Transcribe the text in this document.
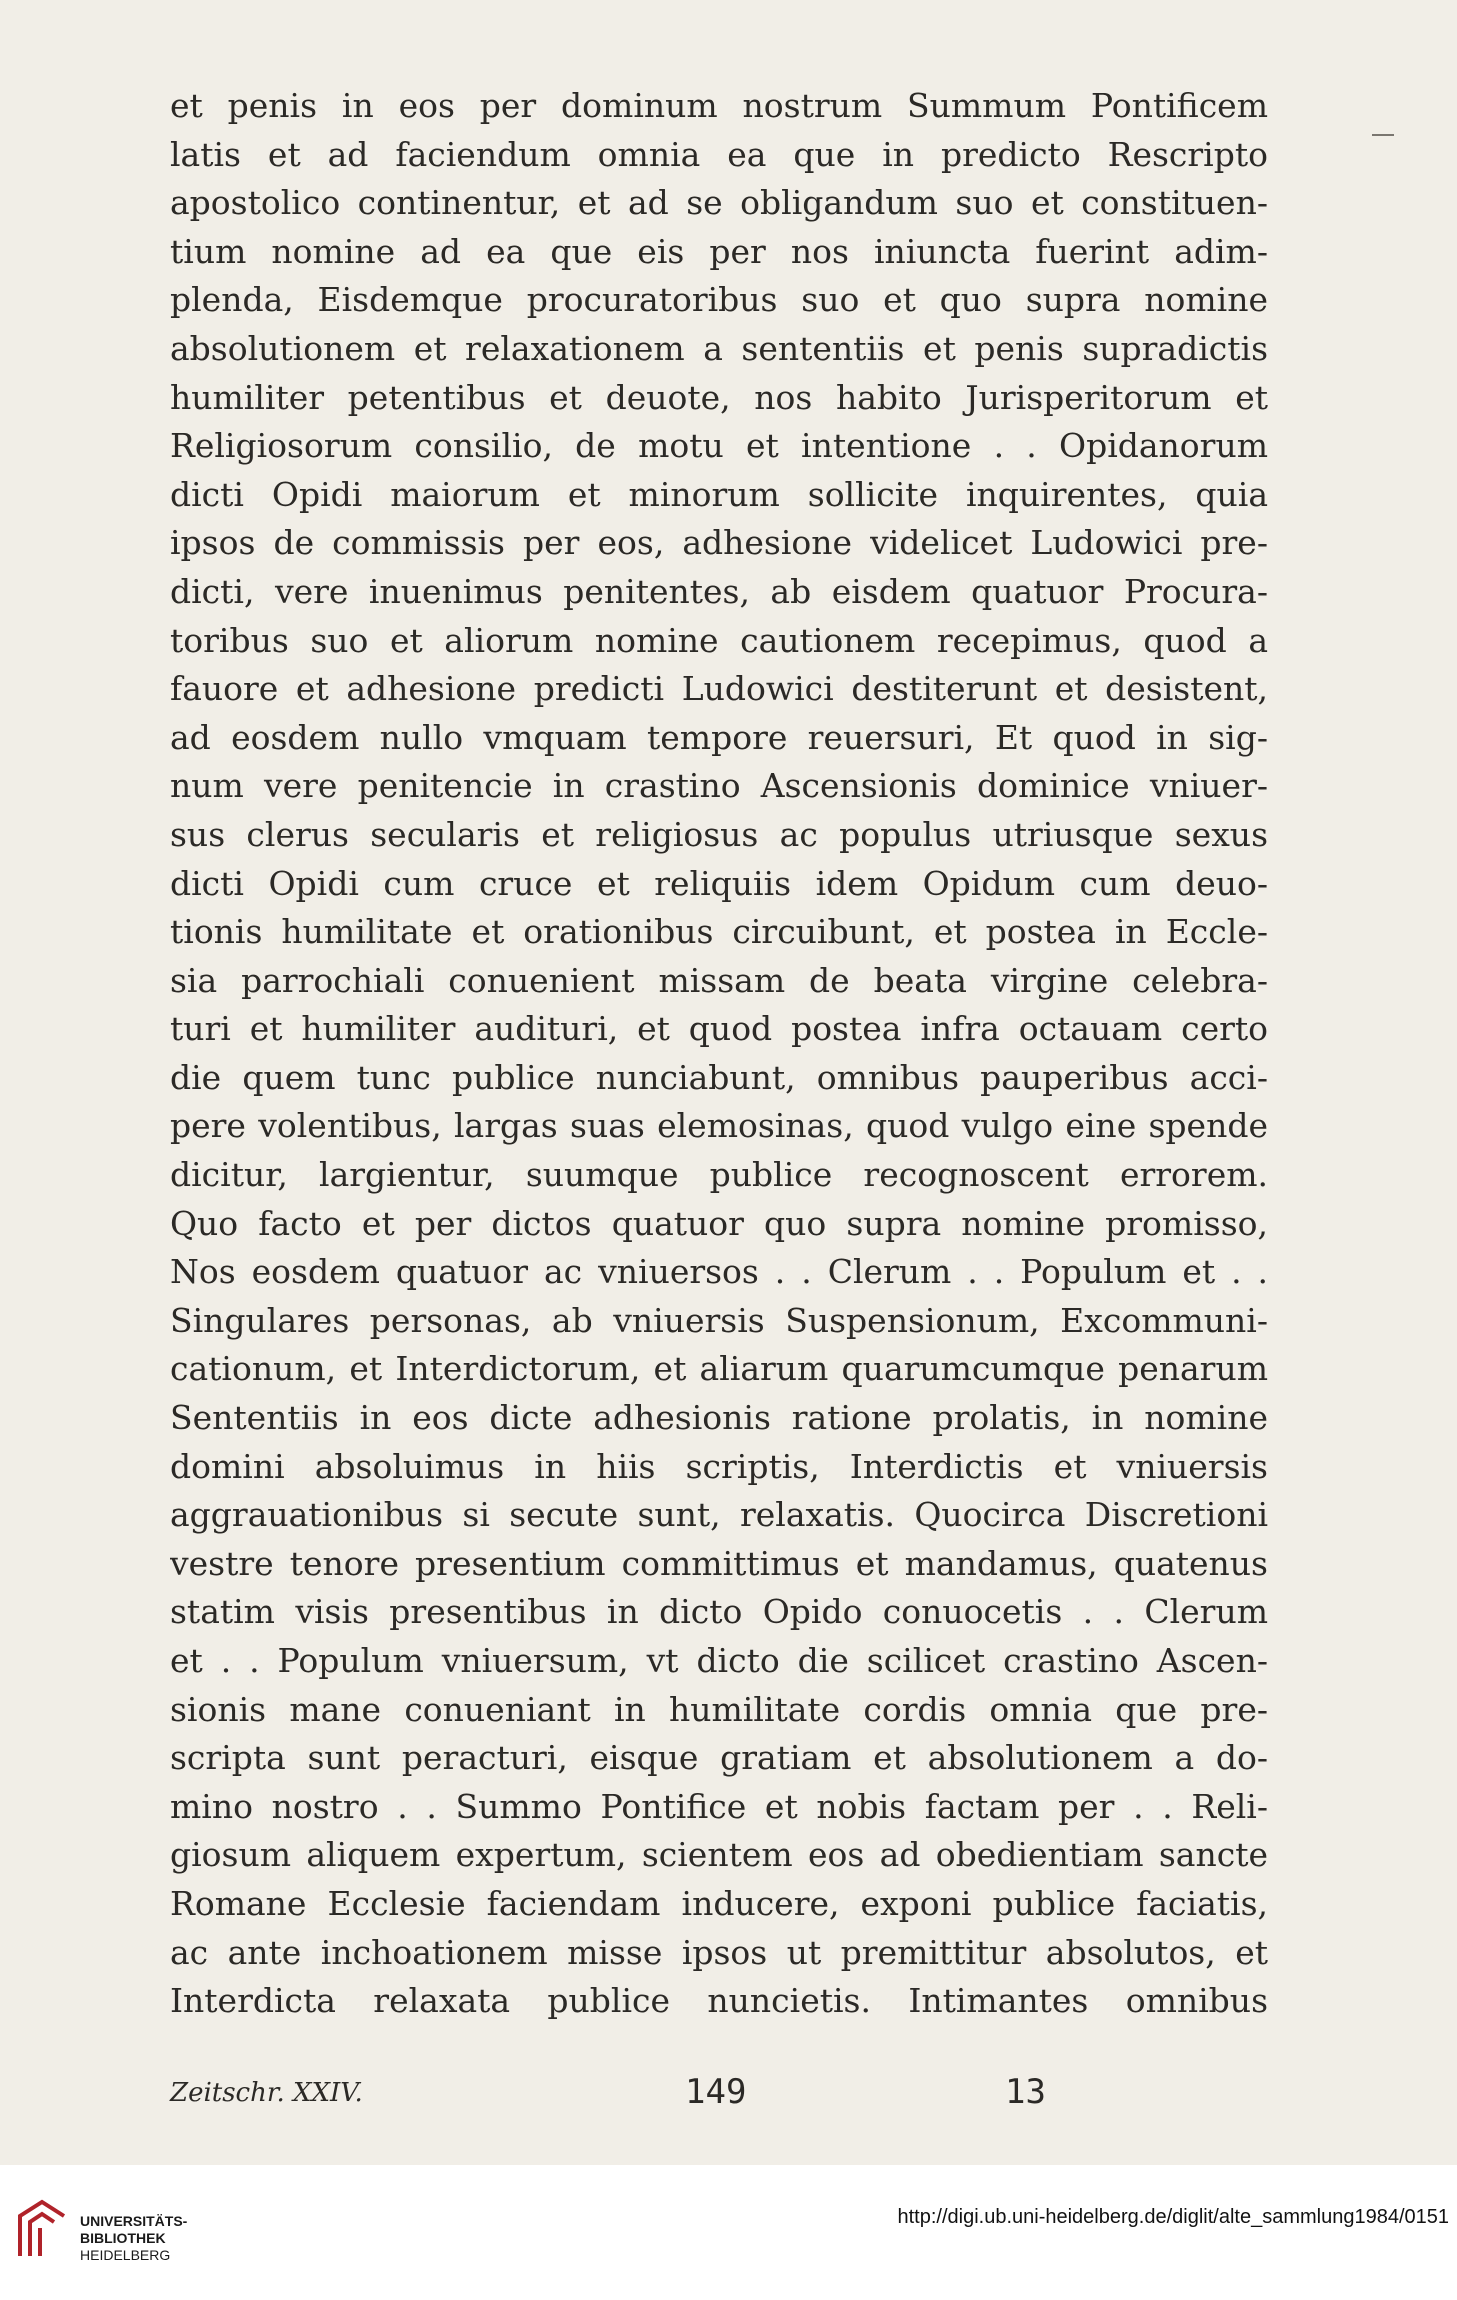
et penis in eos per dominum nostrum Summum Pontificem
latis et ad faciendum omnia ea que in predicto Rescripto
apostolico continentur, et ad se obligandum suo et constituen-
tium nomine ad ea que eis per nos iniuncta fuerint adim-
plenda, Eisdemque procuratoribus suo et quo supra nomine
absolutionem et relaxationem a sententiis et penis supradictis
humiliter petentibus et deuote, nos habito Jurisperitorum et
Religiosorum consilio, de motu et intentione . . Opidanorum
dicti Opidi maiorum et minorum sollicite inquirentes, quia
ipsos de commissis per eos, adhesione videlicet Ludowici pre-
dicti, vere inuenimus penitentes, ab eisdem quatuor Procura-
toribus suo et aliorum nomine cautionem recepimus, quod a
fauore et adhesione predicti Ludowici destiterunt et desistent,
ad eosdem nullo vmquam tempore reuersuri, Et quod in sig-
num vere penitencie in crastino Ascensionis dominice vniuer-
sus clerus secularis et religiosus ac populus utriusque sexus
dicti Opidi cum cruce et reliquiis idem Opidum cum deuo-
tionis humilitate et orationibus circuibunt, et postea in Eccle-
sia parrochiali conuenient missam de beata virgine celebra-
turi et humiliter audituri, et quod postea infra octauam certo
die quem tunc publice nunciabunt, omnibus pauperibus acci-
pere volentibus, largas suas elemosinas, quod vulgo eine spende
dicitur, largientur, suumque publice recognoscent errorem.
Quo facto et per dictos quatuor quo supra nomine promisso,
Nos eosdem quatuor ac vniuersos . . Clerum . . Populum et . .
Singulares personas, ab vniuersis Suspensionum, Excommuni-
cationum, et Interdictorum, et aliarum quarumcumque penarum
Sententiis in eos dicte adhesionis ratione prolatis, in nomine
domini absoluimus in hiis scriptis, Interdictis et vniuersis
aggrauationibus si secute sunt, relaxatis. Quocirca Discretioni
vestre tenore presentium committimus et mandamus, quatenus
statim visis presentibus in dicto Opido conuocetis . . Clerum
et . . Populum vniuersum, vt dicto die scilicet crastino Ascen-
sionis mane conueniant in humilitate cordis omnia que pre-
scripta sunt peracturi, eisque gratiam et absolutionem a do-
mino nostro . . Summo Pontifice et nobis factam per . . Reli-
giosum aliquem expertum, scientem eos ad obedientiam sancte
Romane Ecclesie faciendam inducere, exponi publice faciatis,
ac ante inchoationem misse ipsos ut premittitur absolutos, et
Interdicta relaxata publice nuncietis. Intimantes omnibus
Zeitschr. XXIV.	149	13
UNIVERSITÄTS-
BIBLIOTHEK
HEIDELBERG
http://digi.ub.uni-heidelberg.de/diglit/alte_sammlung1984/0151
